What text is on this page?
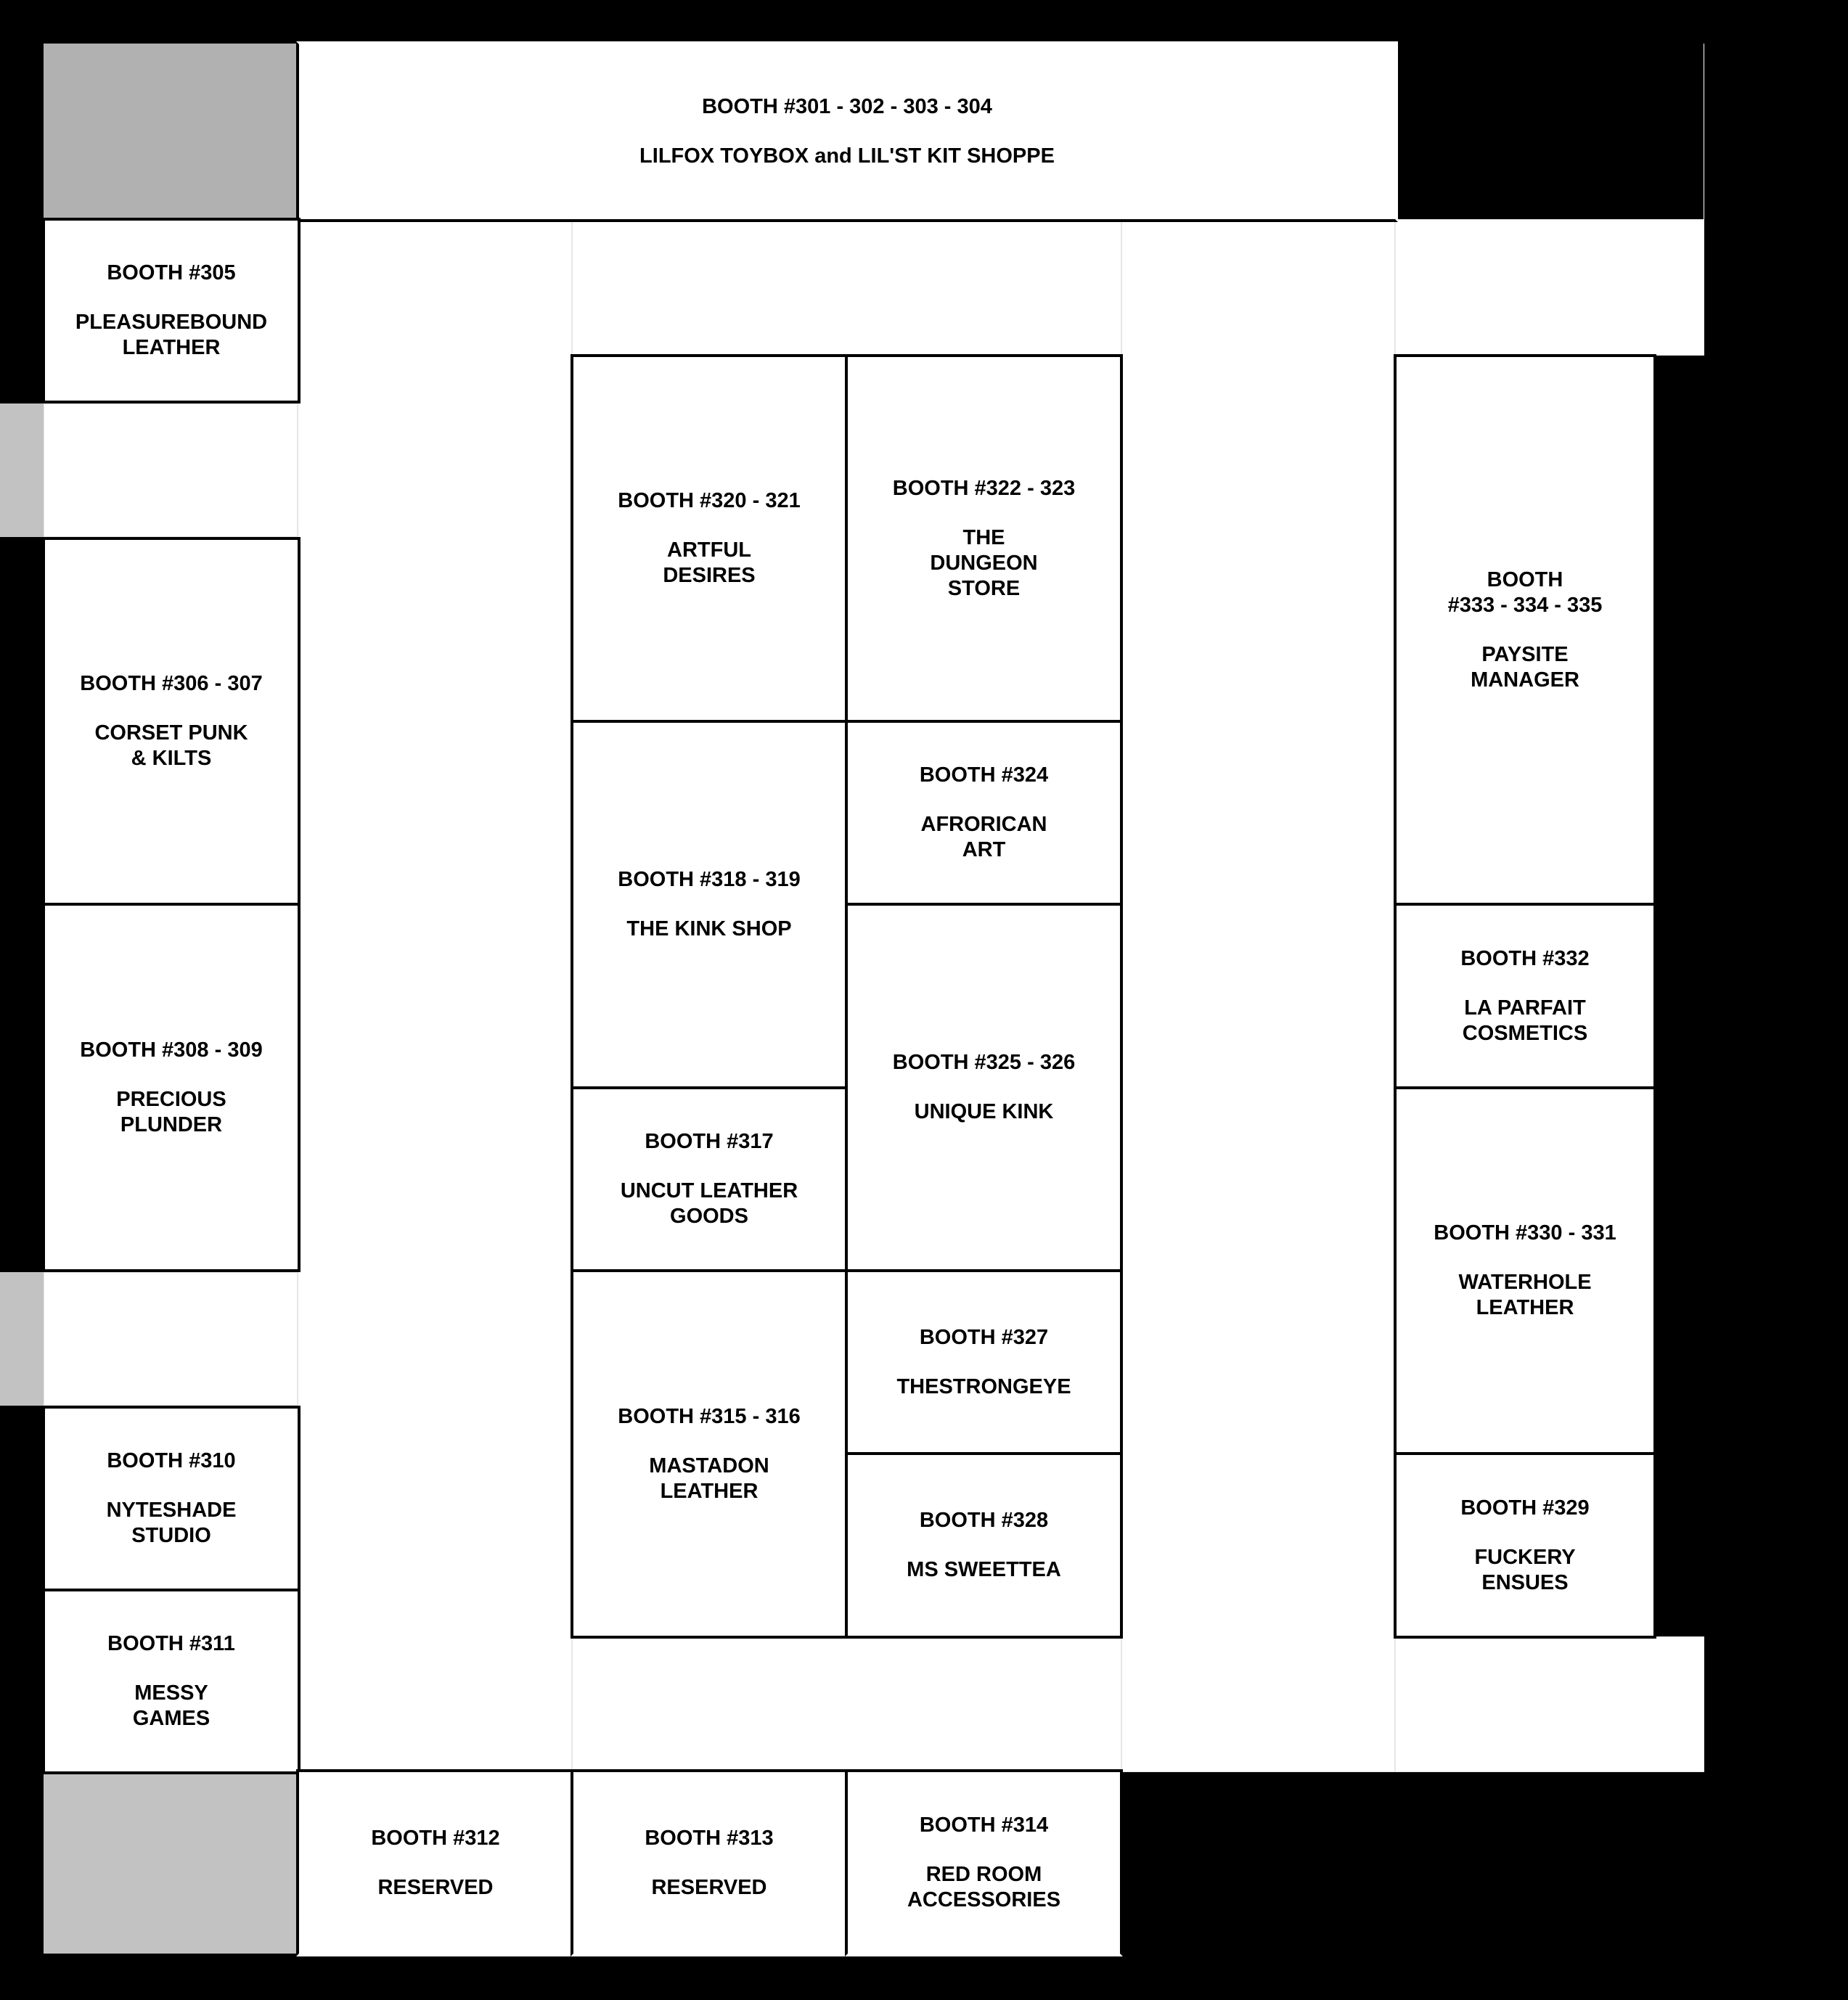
BOOTH #301 - 302 - 303 - 304
LILFOX TOYBOX and LIL'ST KIT SHOPPE
BOOTH #305
PLEASUREBOUND
LEATHER
BOOTH #306 - 307
CORSET PUNK
& KILTS
BOOTH #308 - 309
PRECIOUS
PLUNDER
BOOTH #310
NYTESHADE
STUDIO
BOOTH #311
MESSY
GAMES
BOOTH #312
RESERVED
BOOTH #313
RESERVED
BOOTH #314
RED ROOM
ACCESSORIES
BOOTH #320 - 321
ARTFUL
DESIRES
BOOTH #318 - 319
THE KINK SHOP
BOOTH #317
UNCUT LEATHER
GOODS
BOOTH #315 - 316
MASTADON
LEATHER
BOOTH #322 - 323
THE
DUNGEON
STORE
BOOTH #324
AFRORICAN
ART
BOOTH #325 - 326
UNIQUE KINK
BOOTH #327
THESTRONGEYE
BOOTH #328
MS SWEETTEA
BOOTH
#333 - 334 - 335
PAYSITE
MANAGER
BOOTH #332
LA PARFAIT
COSMETICS
BOOTH #330 - 331
WATERHOLE
LEATHER
BOOTH #329
FUCKERY
ENSUES
ST PETERSBURG BALLROOM
